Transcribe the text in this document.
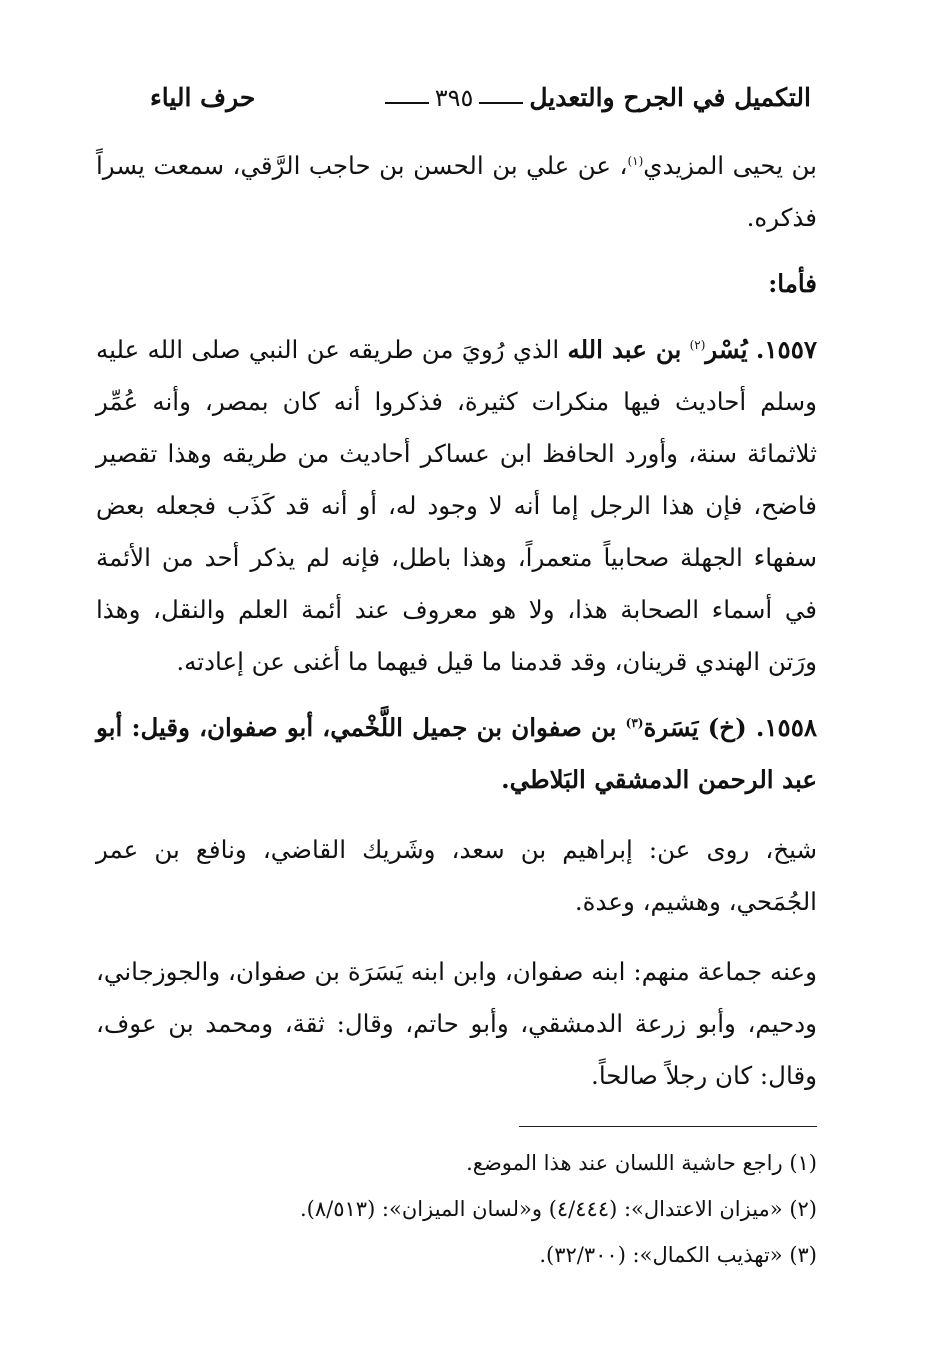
التكميل في الجرح والتعديل
٣٩٥
حرف الياء

بن يحيى المزيدي$^{(١)}$، عن علي بن الحسن بن حاجب الرَّقي، سمعت يسراً فذكره.

فأما:

١٥٥٧. يُسْر$^{(٢)}$ بن عبد الله الذي رُويَ من طريقه عن النبي صلى الله عليه وسلم أحاديث فيها منكرات كثيرة، فذكروا أنه كان بمصر، وأنه عُمِّر ثلاثمائة سنة، وأورد الحافظ ابن عساكر أحاديث من طريقه وهذا تقصير فاضح، فإن هذا الرجل إما أنه لا وجود له، أو أنه قد كَذَب فجعله بعض سفهاء الجهلة صحابياً متعمراً، وهذا باطل، فإنه لم يذكر أحد من الأئمة في أسماء الصحابة هذا، ولا هو معروف عند أئمة العلم والنقل، وهذا ورَتن الهندي قرينان، وقد قدمنا ما قيل فيهما ما أغنى عن إعادته.

١٥٥٨. (خ) يَسَرة$^{(٣)}$ بن صفوان بن جميل اللَّخْمي، أبو صفوان، وقيل: أبو عبد الرحمن الدمشقي البَلاطي.

شيخ، روى عن: إبراهيم بن سعد، وشَريك القاضي، ونافع بن عمر الجُمَحي، وهشيم، وعدة.

وعنه جماعة منهم: ابنه صفوان، وابن ابنه يَسَرَة بن صفوان، والجوزجاني، ودحيم، وأبو زرعة الدمشقي، وأبو حاتم، وقال: ثقة، ومحمد بن عوف، وقال: كان رجلاً صالحاً.

(١) راجع حاشية اللسان عند هذا الموضع.

(٢) «ميزان الاعتدال»: (٤/٤٤٤) و«لسان الميزان»: (٨/٥١٣).

(٣) «تهذيب الكمال»: (٣٢/٣٠٠).
